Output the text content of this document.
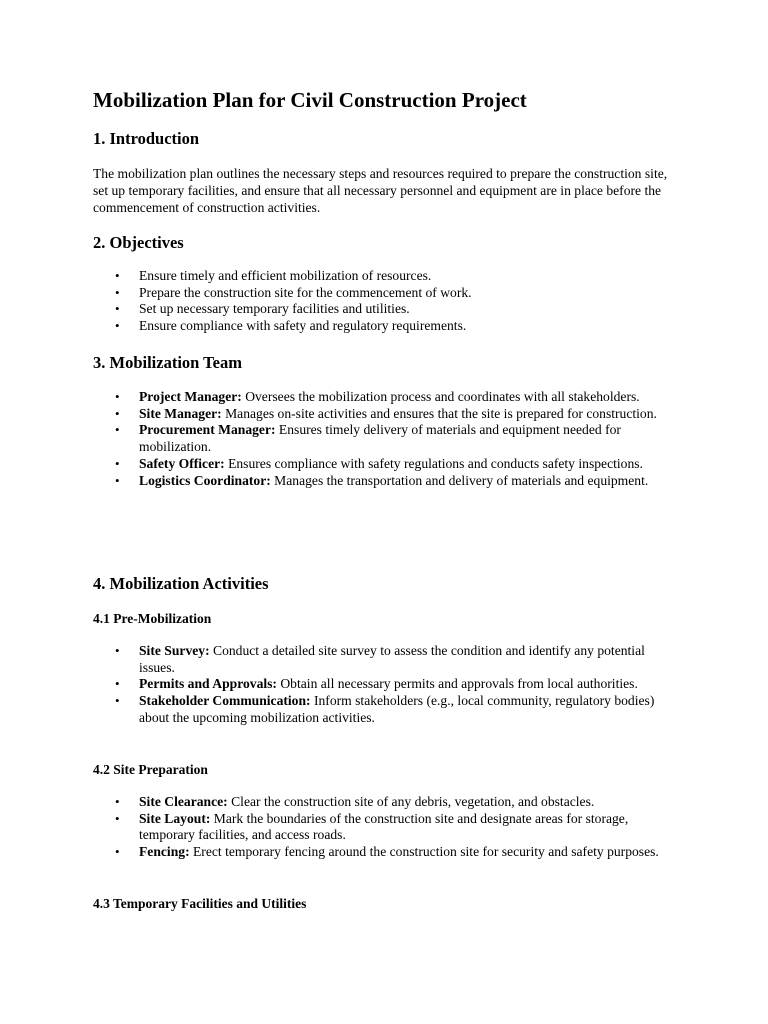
Mobilization Plan for Civil Construction Project
1. Introduction

The mobilization plan outlines the necessary steps and resources required to prepare the construction site, set up temporary facilities, and ensure that all necessary personnel and equipment are in place before the commencement of construction activities.

2. Objectives
• Ensure timely and efficient mobilization of resources.
• Prepare the construction site for the commencement of work.
• Set up necessary temporary facilities and utilities.
• Ensure compliance with safety and regulatory requirements.
3. Mobilization Team
• Project Manager: Oversees the mobilization process and coordinates with all stakeholders.
• Site Manager: Manages on-site activities and ensures that the site is prepared for construction.
• Procurement Manager: Ensures timely delivery of materials and equipment needed for mobilization.
• Safety Officer: Ensures compliance with safety regulations and conducts safety inspections.
• Logistics Coordinator: Manages the transportation and delivery of materials and equipment.
4. Mobilization Activities
4.1 Pre-Mobilization
• Site Survey: Conduct a detailed site survey to assess the condition and identify any potential issues.
• Permits and Approvals: Obtain all necessary permits and approvals from local authorities.
• Stakeholder Communication: Inform stakeholders (e.g., local community, regulatory bodies) about the upcoming mobilization activities.
4.2 Site Preparation
• Site Clearance: Clear the construction site of any debris, vegetation, and obstacles.
• Site Layout: Mark the boundaries of the construction site and designate areas for storage, temporary facilities, and access roads.
• Fencing: Erect temporary fencing around the construction site for security and safety purposes.
4.3 Temporary Facilities and Utilities
